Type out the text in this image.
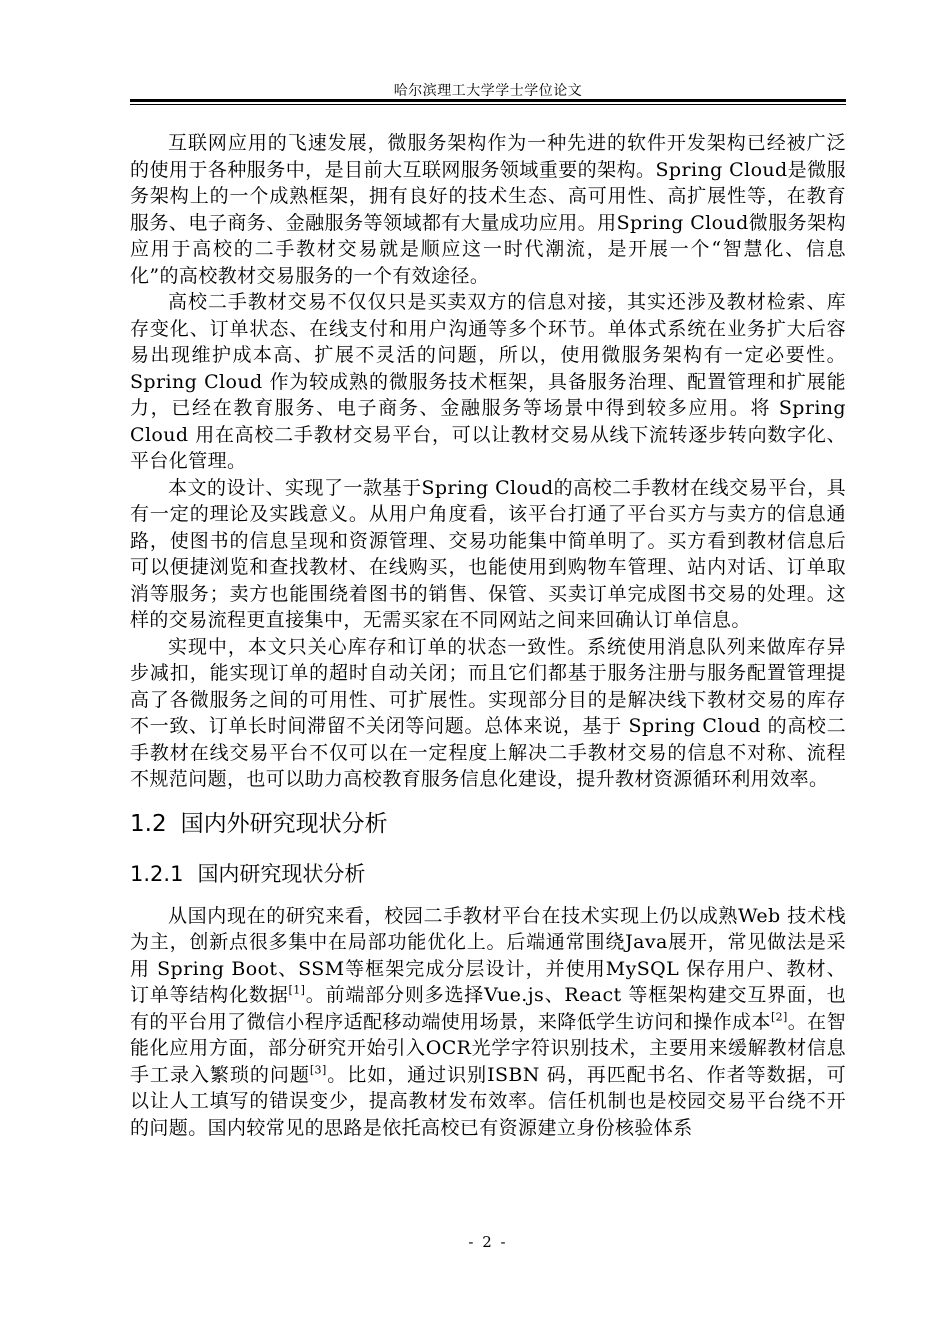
哈尔滨理工大学学士学位论文

互联网应用的飞速发展，微服务架构作为一种先进的软件开发架构已经被广泛的使用于各种服务中，是目前大互联网服务领域重要的架构。Spring Cloud是微服务架构上的一个成熟框架，拥有良好的技术生态、高可用性、高扩展性等，在教育服务、电子商务、金融服务等领域都有大量成功应用。用Spring Cloud微服务架构应用于高校的二手教材交易就是顺应这一时代潮流，是开展一个“智慧化、信息化”的高校教材交易服务的一个有效途径。

高校二手教材交易不仅仅只是买卖双方的信息对接，其实还涉及教材检索、库存变化、订单状态、在线支付和用户沟通等多个环节。单体式系统在业务扩大后容易出现维护成本高、扩展不灵活的问题，所以，使用微服务架构有一定必要性。Spring Cloud 作为较成熟的微服务技术框架，具备服务治理、配置管理和扩展能力，已经在教育服务、电子商务、金融服务等场景中得到较多应用。将 Spring Cloud 用在高校二手教材交易平台，可以让教材交易从线下流转逐步转向数字化、平台化管理。

本文的设计、实现了一款基于Spring Cloud的高校二手教材在线交易平台，具有一定的理论及实践意义。从用户角度看，该平台打通了平台买方与卖方的信息通路，使图书的信息呈现和资源管理、交易功能集中简单明了。买方看到教材信息后可以便捷浏览和查找教材、在线购买，也能使用到购物车管理、站内对话、订单取消等服务；卖方也能围绕着图书的销售、保管、买卖订单完成图书交易的处理。这样的交易流程更直接集中，无需买家在不同网站之间来回确认订单信息。

实现中，本文只关心库存和订单的状态一致性。系统使用消息队列来做库存异步减扣，能实现订单的超时自动关闭；而且它们都基于服务注册与服务配置管理提高了各微服务之间的可用性、可扩展性。实现部分目的是解决线下教材交易的库存不一致、订单长时间滞留不关闭等问题。总体来说，基于 Spring Cloud 的高校二手教材在线交易平台不仅可以在一定程度上解决二手教材交易的信息不对称、流程不规范问题，也可以助力高校教育服务信息化建设，提升教材资源循环利用效率。

1.2 国内外研究现状分析
1.2.1 国内研究现状分析

从国内现在的研究来看，校园二手教材平台在技术实现上仍以成熟Web 技术栈为主，创新点很多集中在局部功能优化上。后端通常围绕Java展开，常见做法是采用 Spring Boot、SSM等框架完成分层设计，并使用MySQL 保存用户、教材、订单等结构化数据[1]。前端部分则多选择Vue.js、React 等框架构建交互界面，也有的平台用了微信小程序适配移动端使用场景，来降低学生访问和操作成本[2]。在智能化应用方面，部分研究开始引入OCR光学字符识别技术，主要用来缓解教材信息手工录入繁琐的问题[3]。比如，通过识别ISBN 码，再匹配书名、作者等数据，可以让人工填写的错误变少，提高教材发布效率。信任机制也是校园交易平台绕不开的问题。国内较常见的思路是依托高校已有资源建立身份核验体系

- 2 -
